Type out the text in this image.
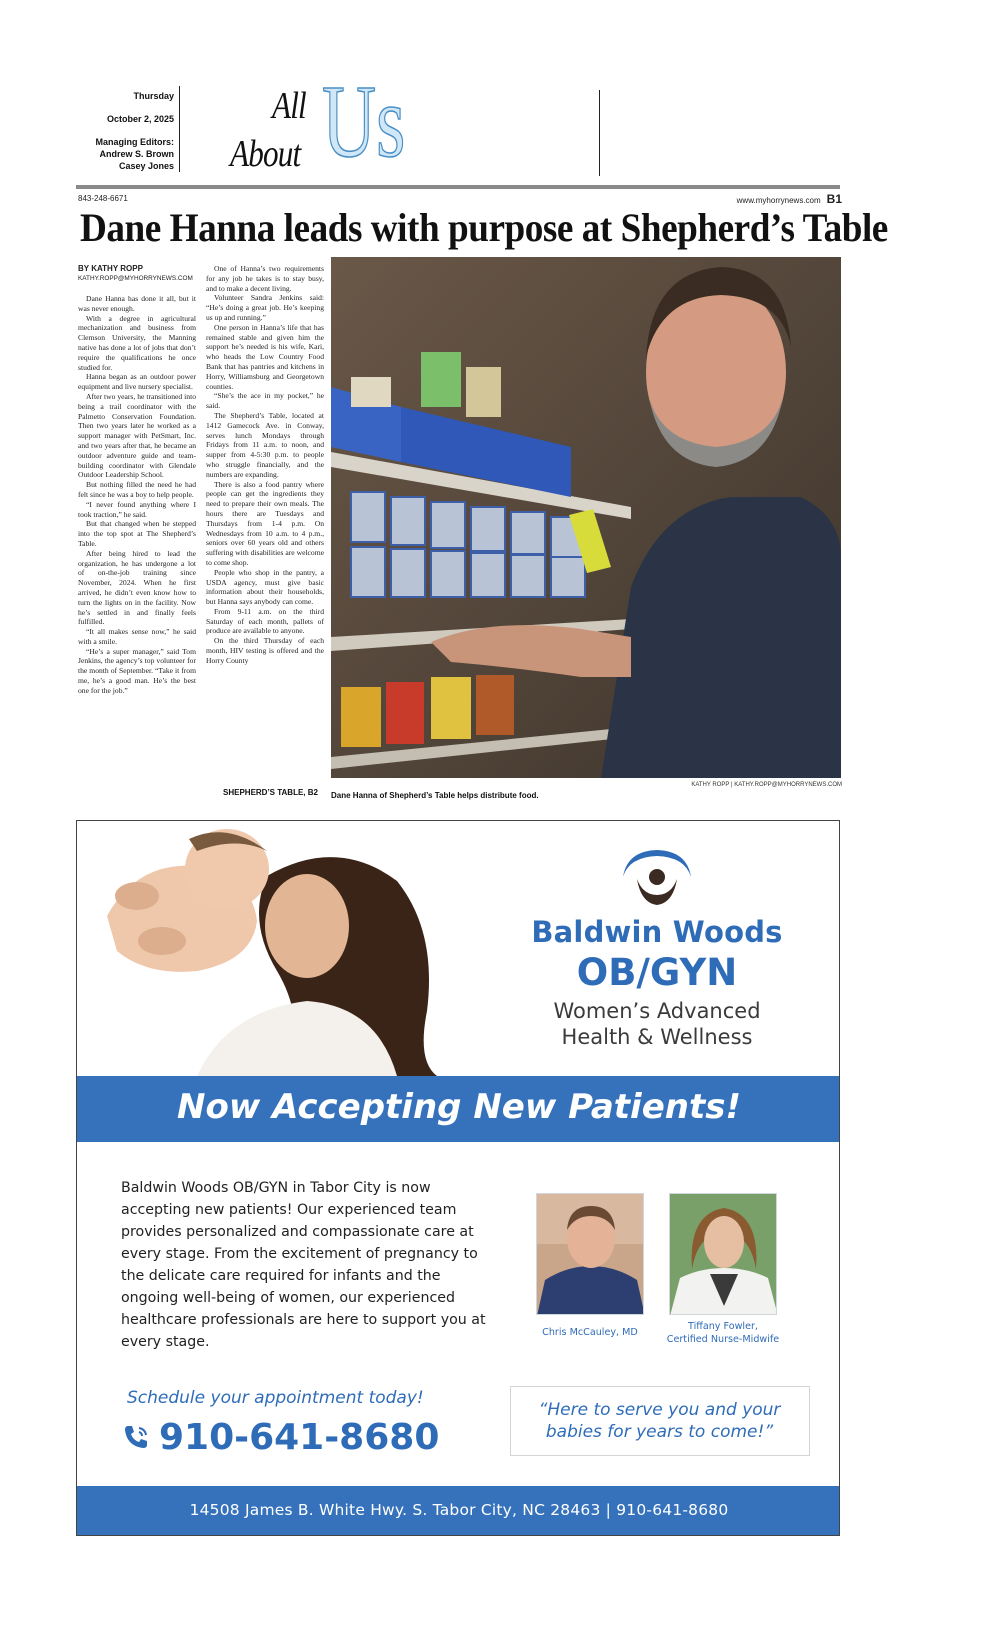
Thursday
October 2, 2025
Managing Editors:
Andrew S. Brown
Casey Jones
All
About Us
843-248-6671	www.myhorrynews.com B1
Dane Hanna leads with purpose at Shepherd’s Table

BY KATHY ROPP

KATHY.ROPP@MYHORRYNEWS.COM

Dane Hanna has done it all, but it was never enough.

With a degree in agricultural mechanization and business from Clemson University, the Manning native has done a lot of jobs that don’t require the qualifications he once studied for.

Hanna began as an outdoor power equipment and live nursery specialist.

After two years, he transitioned into being a trail coordinator with the Palmetto Conservation Foundation. Then two years later he worked as a support manager with PetSmart, Inc. and two years after that, he became an outdoor adventure guide and team-building coordinator with Glendale Outdoor Leadership School.

But nothing filled the need he had felt since he was a boy to help people.

“I never found anything where I took traction,” he said.

But that changed when he stepped into the top spot at The Shepherd’s Table.

After being hired to lead the organization, he has undergone a lot of on-the-job training since November, 2024. When he first arrived, he didn’t even know how to turn the lights on in the facility. Now he’s settled in and finally feels fulfilled.

“It all makes sense now,” he said with a smile.

“He’s a super manager,” said Tom Jenkins, the agency’s top volunteer for the month of September. “Take it from me, he’s a good man. He’s the best one for the job.”

One of Hanna’s two requirements for any job he takes is to stay busy, and to make a decent living.

Volunteer Sandra Jenkins said: “He’s doing a great job. He’s keeping us up and running.”

One person in Hanna’s life that has remained stable and given him the support he’s needed is his wife, Kari, who heads the Low Country Food Bank that has pantries and kitchens in Horry, Williamsburg and Georgetown counties.

“She’s the ace in my pocket,” he said.

The Shepherd’s Table, located at 1412 Gamecock Ave. in Conway, serves lunch Mondays through Fridays from 11 a.m. to noon, and supper from 4-5:30 p.m. to people who struggle financially, and the numbers are expanding.

There is also a food pantry where people can get the ingredients they need to prepare their own meals. The hours there are Tuesdays and Thursdays from 1-4 p.m. On Wednesdays from 10 a.m. to 4 p.m., seniors over 60 years old and others suffering with disabilities are welcome to come shop.

People who shop in the pantry, a USDA agency, must give basic information about their households, but Hanna says anybody can come.

From 9-11 a.m. on the third Saturday of each month, pallets of produce are available to anyone.

On the third Thursday of each month, HIV testing is offered and the Horry County

SHEPHERD’S TABLE, B2
KATHY ROPP | KATHY.ROPP@MYHORRYNEWS.COM
Dane Hanna of Shepherd’s Table helps distribute food.
Baldwin Woods
OB/GYN
Women’s Advanced
Health & Wellness
Now Accepting New Patients!
Baldwin Woods OB/GYN in Tabor City is now accepting new patients! Our experienced team provides personalized and compassionate care at every stage. From the excitement of pregnancy to the delicate care required for infants and the ongoing well-being of women, our experienced healthcare professionals are here to support you at every stage.
Chris McCauley, MD
Tiffany Fowler,
Certified Nurse-Midwife
Schedule your appointment today!
910-641-8680
“Here to serve you and your
babies for years to come!”
14508 James B. White Hwy. S. Tabor City, NC 28463 | 910-641-8680
